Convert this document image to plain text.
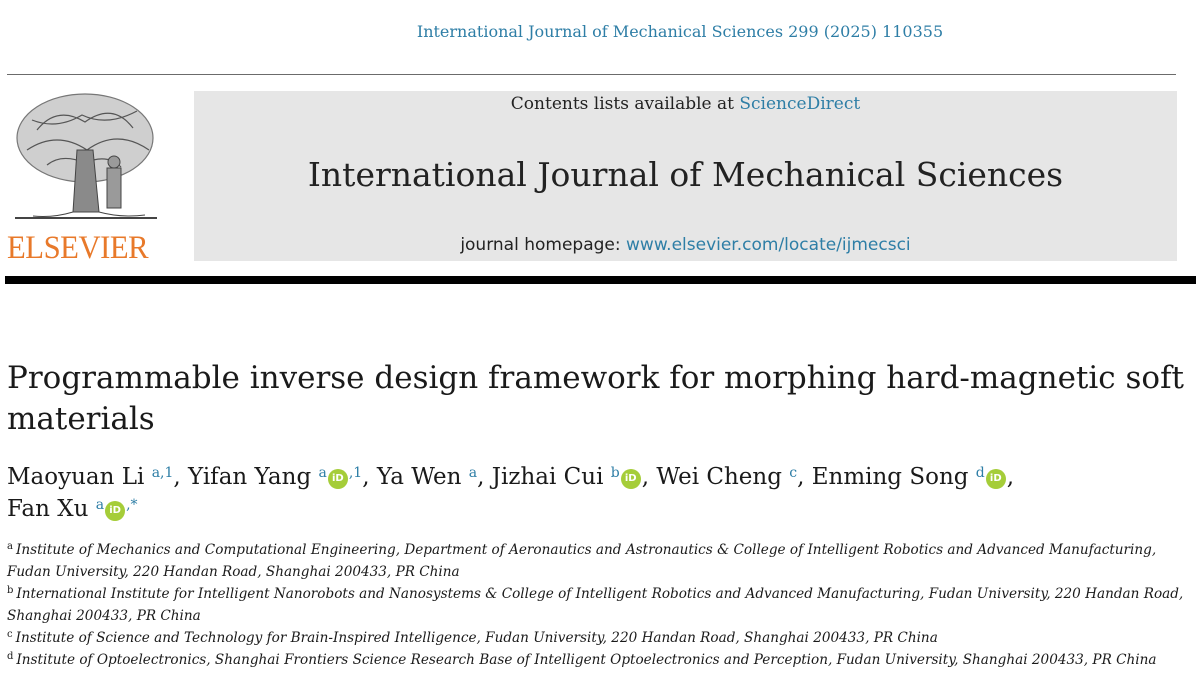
International Journal of Mechanical Sciences 299 (2025) 110355
ELSEVIER
Contents lists available at ScienceDirect
International Journal of Mechanical Sciences
journal homepage: www.elsevier.com/locate/ijmecsci
Programmable inverse design framework for morphing hard-magnetic soft materials
Maoyuan Li $^{a,1}$, Yifan Yang $^a$ iD $^{,1}$, Ya Wen $^a$, Jizhai Cui $^b$ iD , Wei Cheng $^c$, Enming Song $^d$ iD ,
Fan Xu $^a$ iD ,*

$^a$ Institute of Mechanics and Computational Engineering, Department of Aeronautics and Astronautics & College of Intelligent Robotics and Advanced Manufacturing, Fudan University, 220 Handan Road, Shanghai 200433, PR China

$^b$ International Institute for Intelligent Nanorobots and Nanosystems & College of Intelligent Robotics and Advanced Manufacturing, Fudan University, 220 Handan Road, Shanghai 200433, PR China

$^c$ Institute of Science and Technology for Brain-Inspired Intelligence, Fudan University, 220 Handan Road, Shanghai 200433, PR China

$^d$ Institute of Optoelectronics, Shanghai Frontiers Science Research Base of Intelligent Optoelectronics and Perception, Fudan University, Shanghai 200433, PR China
